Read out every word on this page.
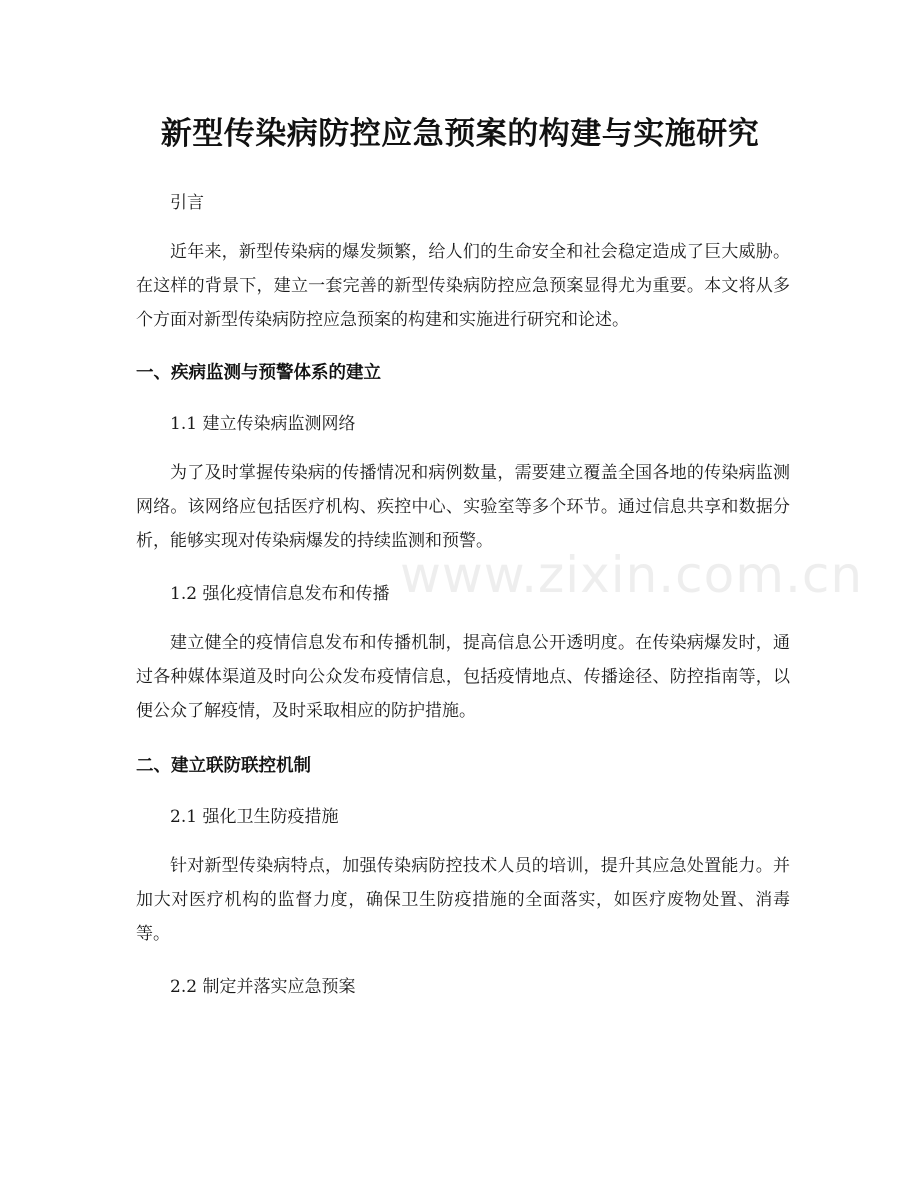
新型传染病防控应急预案的构建与实施研究

引言

近年来，新型传染病的爆发频繁，给人们的生命安全和社会稳定造成了巨大威胁。在这样的背景下，建立一套完善的新型传染病防控应急预案显得尤为重要。本文将从多个方面对新型传染病防控应急预案的构建和实施进行研究和论述。

一、疾病监测与预警体系的建立

1.1 建立传染病监测网络

为了及时掌握传染病的传播情况和病例数量，需要建立覆盖全国各地的传染病监测网络。该网络应包括医疗机构、疾控中心、实验室等多个环节。通过信息共享和数据分析，能够实现对传染病爆发的持续监测和预警。

1.2 强化疫情信息发布和传播

建立健全的疫情信息发布和传播机制，提高信息公开透明度。在传染病爆发时，通过各种媒体渠道及时向公众发布疫情信息，包括疫情地点、传播途径、防控指南等，以便公众了解疫情，及时采取相应的防护措施。

二、建立联防联控机制

2.1 强化卫生防疫措施

针对新型传染病特点，加强传染病防控技术人员的培训，提升其应急处置能力。并加大对医疗机构的监督力度，确保卫生防疫措施的全面落实，如医疗废物处置、消毒等。

2.2 制定并落实应急预案

www.zixin.com.cn
